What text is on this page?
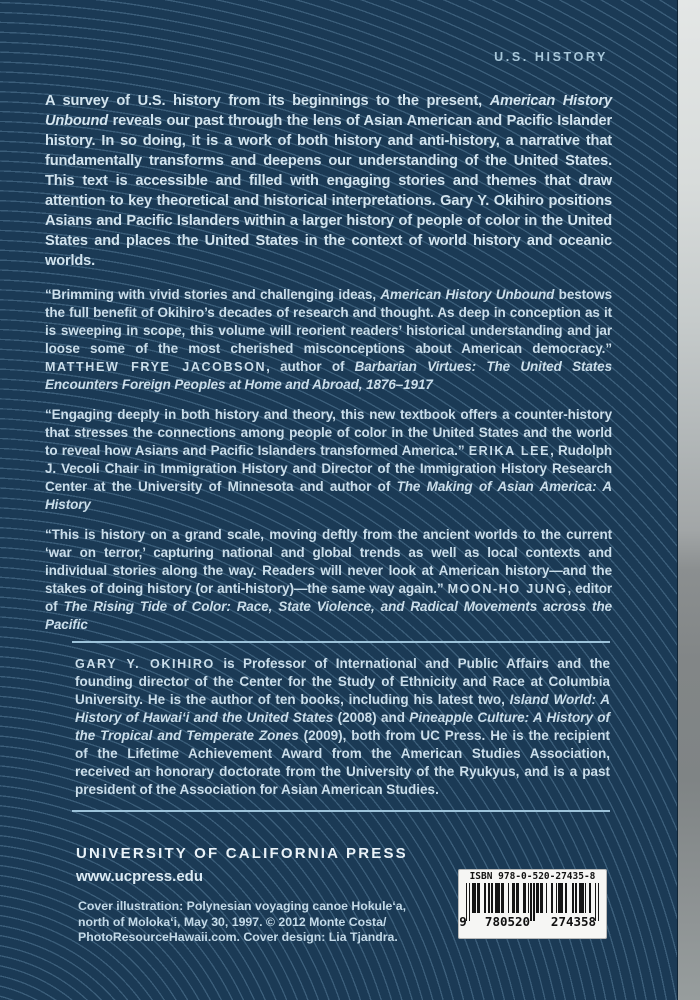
U.S. HISTORY
A survey of U.S. history from its beginnings to the present, American History Unbound reveals our past through the lens of Asian American and Pacific Islander history. In so doing, it is a work of both history and anti-history, a narrative that fundamentally transforms and deepens our understanding of the United States. This text is accessible and filled with engaging stories and themes that draw attention to key theoretical and historical interpretations. Gary Y. Okihiro positions Asians and Pacific Islanders within a larger history of people of color in the United States and places the United States in the context of world history and oceanic worlds.
“Brimming with vivid stories and challenging ideas, American History Unbound bestows the full benefit of Okihiro’s decades of research and thought. As deep in conception as it is sweeping in scope, this volume will reorient readers’ historical understanding and jar loose some of the most cherished misconceptions about American democracy.” MATTHEW FRYE JACOBSON, author of Barbarian Virtues: The United States Encounters Foreign Peoples at Home and Abroad, 1876–1917
“Engaging deeply in both history and theory, this new textbook offers a counter-history that stresses the connections among people of color in the United States and the world to reveal how Asians and Pacific Islanders transformed America.” ERIKA LEE, Rudolph J. Vecoli Chair in Immigration History and Director of the Immigration History Research Center at the University of Minnesota and author of The Making of Asian America: A History
“This is history on a grand scale, moving deftly from the ancient worlds to the current ‘war on terror,’ capturing national and global trends as well as local contexts and individual stories along the way. Readers will never look at American history—and the stakes of doing history (or anti-history)—the same way again.” MOON-HO JUNG, editor of The Rising Tide of Color: Race, State Violence, and Radical Movements across the Pacific
GARY Y. OKIHIRO is Professor of International and Public Affairs and the founding director of the Center for the Study of Ethnicity and Race at Columbia University. He is the author of ten books, including his latest two, Island World: A History of Hawaiʻi and the United States (2008) and Pineapple Culture: A History of the Tropical and Temperate Zones (2009), both from UC Press. He is the recipient of the Lifetime Achievement Award from the American Studies Association, received an honorary doctorate from the University of the Ryukyus, and is a past president of the Association for Asian American Studies.
UNIVERSITY OF CALIFORNIA PRESS
www.ucpress.edu
Cover illustration: Polynesian voyaging canoe Hokule‘a,
north of Moloka‘i, May 30, 1997. © 2012 Monte Costa/
PhotoResourceHawaii.com. Cover design: Lia Tjandra.
ISBN 978-0-520-27435-8
9	780520	274358
